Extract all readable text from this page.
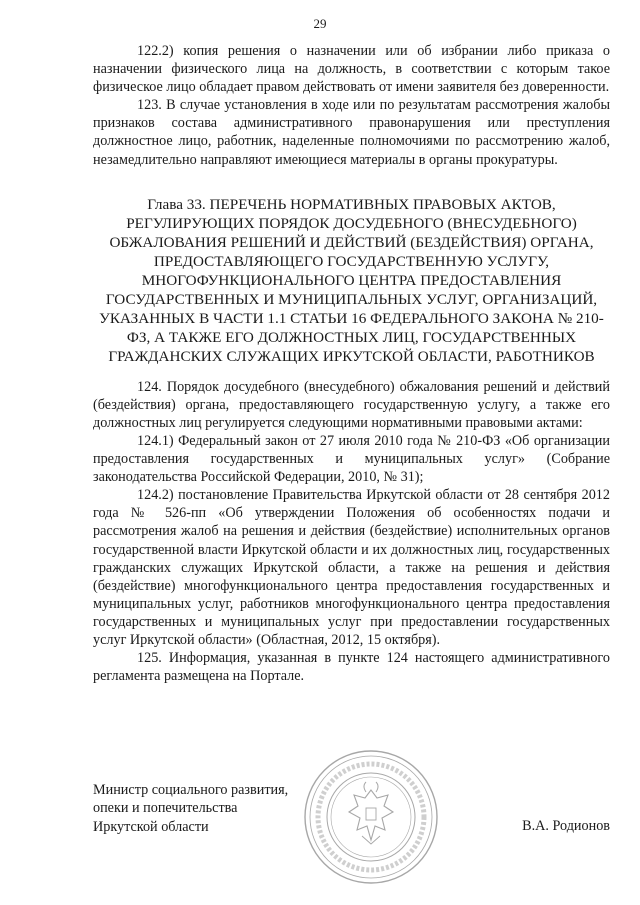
29

122.2) копия решения о назначении или об избрании либо приказа о назначении физического лица на должность, в соответствии с которым такое физическое лицо обладает правом действовать от имени заявителя без доверенности.

123. В случае установления в ходе или по результатам рассмотрения жалобы признаков состава административного правонарушения или преступления должностное лицо, работник, наделенные полномочиями по рассмотрению жалоб, незамедлительно направляют имеющиеся материалы в органы прокуратуры.

Глава 33. ПЕРЕЧЕНЬ НОРМАТИВНЫХ ПРАВОВЫХ АКТОВ, РЕГУЛИРУЮЩИХ ПОРЯДОК ДОСУДЕБНОГО (ВНЕСУДЕБНОГО) ОБЖАЛОВАНИЯ РЕШЕНИЙ И ДЕЙСТВИЙ (БЕЗДЕЙСТВИЯ) ОРГАНА, ПРЕДОСТАВЛЯЮЩЕГО ГОСУДАРСТВЕННУЮ УСЛУГУ, МНОГОФУНКЦИОНАЛЬНОГО ЦЕНТРА ПРЕДОСТАВЛЕНИЯ ГОСУДАРСТВЕННЫХ И МУНИЦИПАЛЬНЫХ УСЛУГ, ОРГАНИЗАЦИЙ, УКАЗАННЫХ В ЧАСТИ 1.1 СТАТЬИ 16 ФЕДЕРАЛЬНОГО ЗАКОНА № 210-ФЗ, А ТАКЖЕ ЕГО ДОЛЖНОСТНЫХ ЛИЦ, ГОСУДАРСТВЕННЫХ ГРАЖДАНСКИХ СЛУЖАЩИХ ИРКУТСКОЙ ОБЛАСТИ, РАБОТНИКОВ

124. Порядок досудебного (внесудебного) обжалования решений и действий (бездействия) органа, предоставляющего государственную услугу, а также его должностных лиц регулируется следующими нормативными правовыми актами:

124.1) Федеральный закон от 27 июля 2010 года № 210-ФЗ «Об организации предоставления государственных и муниципальных услуг» (Собрание законодательства Российской Федерации, 2010, № 31);

124.2) постановление Правительства Иркутской области от 28 сентября 2012 года № 526-пп «Об утверждении Положения об особенностях подачи и рассмотрения жалоб на решения и действия (бездействие) исполнительных органов государственной власти Иркутской области и их должностных лиц, государственных гражданских служащих Иркутской области, а также на решения и действия (бездействие) многофункционального центра предоставления государственных и муниципальных услуг, работников многофункционального центра предоставления государственных и муниципальных услуг при предоставлении государственных услуг Иркутской области» (Областная, 2012, 15 октября).

125. Информация, указанная в пункте 124 настоящего административного регламента размещена на Портале.

Министр социального развития,
опеки и попечительства
Иркутской области	В.А. Родионов
